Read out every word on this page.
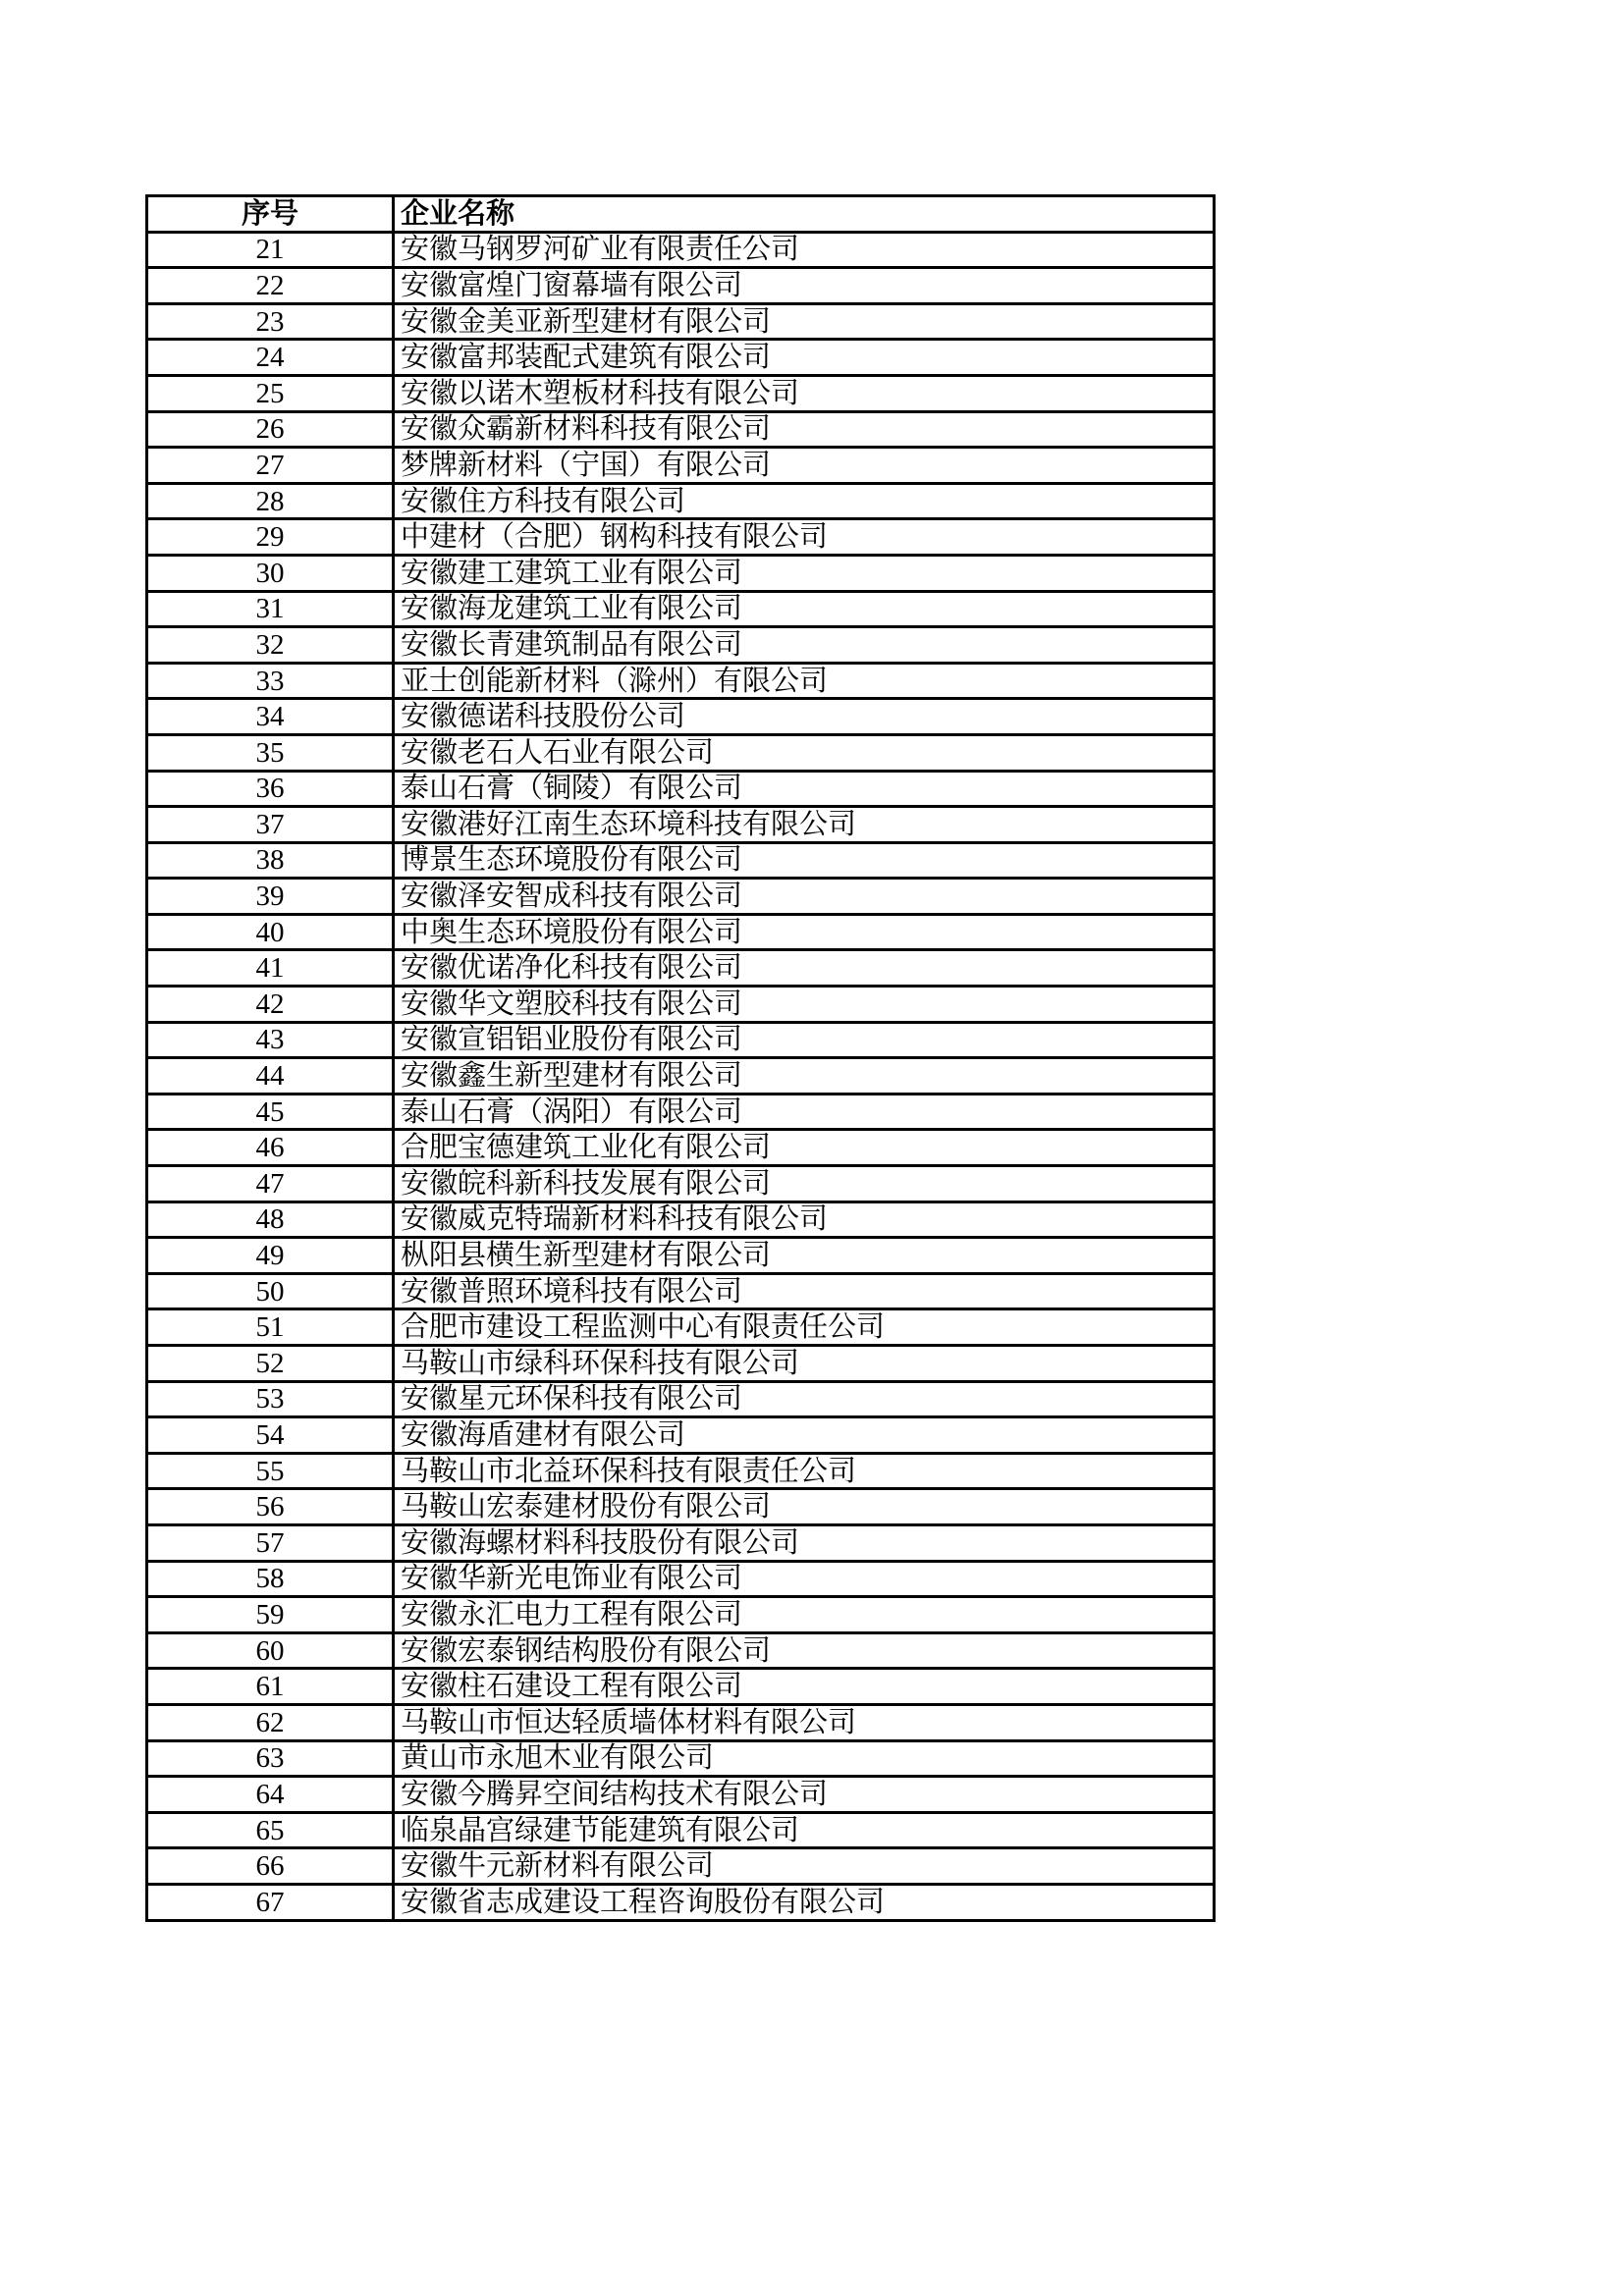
序号	企业名称
21	安徽马钢罗河矿业有限责任公司
22	安徽富煌门窗幕墙有限公司
23	安徽金美亚新型建材有限公司
24	安徽富邦装配式建筑有限公司
25	安徽以诺木塑板材科技有限公司
26	安徽众霸新材料科技有限公司
27	梦牌新材料（宁国）有限公司
28	安徽住方科技有限公司
29	中建材（合肥）钢构科技有限公司
30	安徽建工建筑工业有限公司
31	安徽海龙建筑工业有限公司
32	安徽长青建筑制品有限公司
33	亚士创能新材料（滁州）有限公司
34	安徽德诺科技股份公司
35	安徽老石人石业有限公司
36	泰山石膏（铜陵）有限公司
37	安徽港好江南生态环境科技有限公司
38	博景生态环境股份有限公司
39	安徽泽安智成科技有限公司
40	中奥生态环境股份有限公司
41	安徽优诺净化科技有限公司
42	安徽华文塑胶科技有限公司
43	安徽宣铝铝业股份有限公司
44	安徽鑫生新型建材有限公司
45	泰山石膏（涡阳）有限公司
46	合肥宝德建筑工业化有限公司
47	安徽皖科新科技发展有限公司
48	安徽威克特瑞新材料科技有限公司
49	枞阳县横生新型建材有限公司
50	安徽普照环境科技有限公司
51	合肥市建设工程监测中心有限责任公司
52	马鞍山市绿科环保科技有限公司
53	安徽星元环保科技有限公司
54	安徽海盾建材有限公司
55	马鞍山市北益环保科技有限责任公司
56	马鞍山宏泰建材股份有限公司
57	安徽海螺材料科技股份有限公司
58	安徽华新光电饰业有限公司
59	安徽永汇电力工程有限公司
60	安徽宏泰钢结构股份有限公司
61	安徽柱石建设工程有限公司
62	马鞍山市恒达轻质墙体材料有限公司
63	黄山市永旭木业有限公司
64	安徽今腾昇空间结构技术有限公司
65	临泉晶宫绿建节能建筑有限公司
66	安徽牛元新材料有限公司
67	安徽省志成建设工程咨询股份有限公司
